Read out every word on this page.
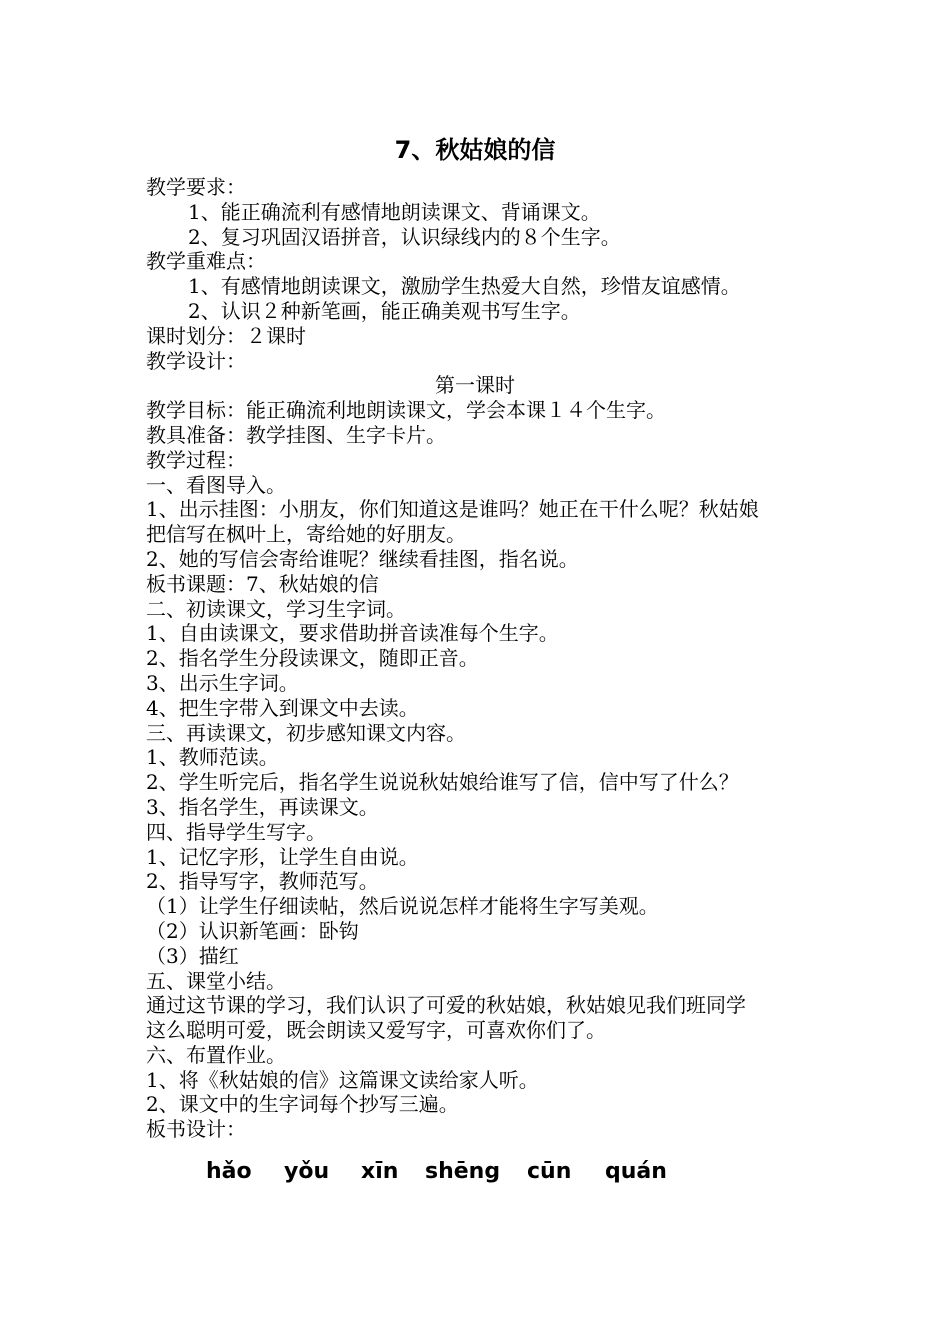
7、秋姑娘的信
教学要求：
1、能正确流利有感情地朗读课文、背诵课文。
2、复习巩固汉语拼音，认识绿线内的８个生字。
教学重难点：
1、有感情地朗读课文，激励学生热爱大自然，珍惜友谊感情。
2、认识２种新笔画，能正确美观书写生字。
课时划分：２课时
教学设计：
第一课时
教学目标：能正确流利地朗读课文，学会本课１４个生字。
教具准备：教学挂图、生字卡片。
教学过程：
一、看图导入。
1、出示挂图：小朋友，你们知道这是谁吗？她正在干什么呢？秋姑娘
把信写在枫叶上，寄给她的好朋友。
2、她的写信会寄给谁呢？继续看挂图，指名说。
板书课题：7、秋姑娘的信
二、初读课文，学习生字词。
1、自由读课文，要求借助拼音读准每个生字。
2、指名学生分段读课文，随即正音。
3、出示生字词。
4、把生字带入到课文中去读。
三、再读课文，初步感知课文内容。
1、教师范读。
2、学生听完后，指名学生说说秋姑娘给谁写了信，信中写了什么？
3、指名学生，再读课文。
四、指导学生写字。
1、记忆字形，让学生自由说。
2、指导写字，教师范写。
（1）让学生仔细读帖，然后说说怎样才能将生字写美观。
（2）认识新笔画：卧钩
（3）描红
五、课堂小结。
通过这节课的学习，我们认识了可爱的秋姑娘，秋姑娘见我们班同学
这么聪明可爱，既会朗读又爱写字，可喜欢你们了。
六、布置作业。
1、将《秋姑娘的信》这篇课文读给家人听。
2、课文中的生字词每个抄写三遍。
板书设计：
hǎo yǒu xīn shēng cūn quán
